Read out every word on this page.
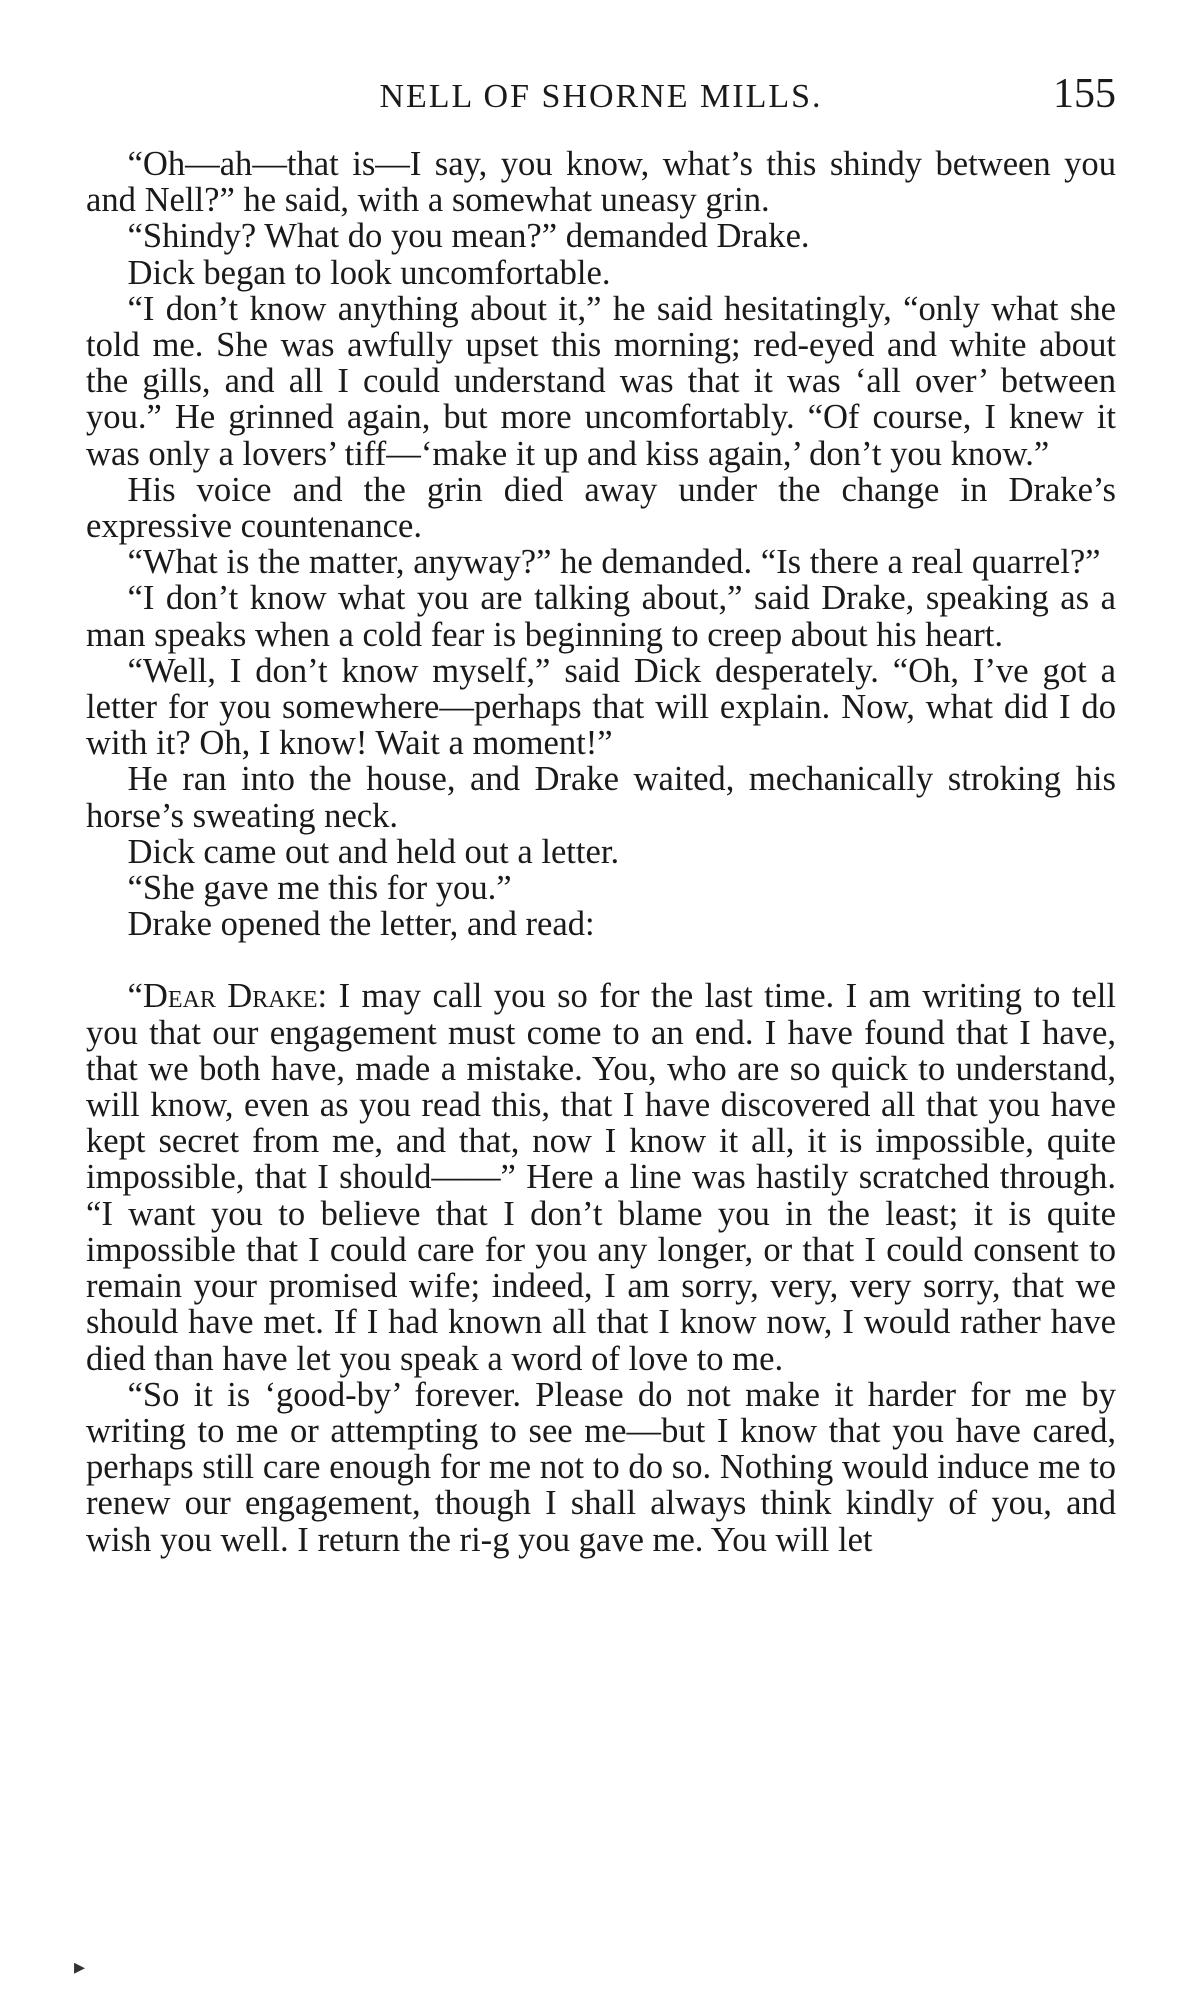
NELL OF SHORNE MILLS.	155

“Oh—ah—that is—I say, you know, what’s this shindy between you and Nell?” he said, with a somewhat uneasy grin.

“Shindy? What do you mean?” demanded Drake.

Dick began to look uncomfortable.

“I don’t know anything about it,” he said hesitatingly, “only what she told me. She was awfully upset this morning; red-eyed and white about the gills, and all I could understand was that it was ‘all over’ between you.” He grinned again, but more uncomfortably. “Of course, I knew it was only a lovers’ tiff—‘make it up and kiss again,’ don’t you know.”

His voice and the grin died away under the change in Drake’s expressive countenance.

“What is the matter, anyway?” he demanded. “Is there a real quarrel?”

“I don’t know what you are talking about,” said Drake, speaking as a man speaks when a cold fear is beginning to creep about his heart.

“Well, I don’t know myself,” said Dick desperately. “Oh, I’ve got a letter for you somewhere—perhaps that will explain. Now, what did I do with it? Oh, I know! Wait a moment!”

He ran into the house, and Drake waited, mechanically stroking his horse’s sweating neck.

Dick came out and held out a letter.

“She gave me this for you.”

Drake opened the letter, and read:

“Dear Drake: I may call you so for the last time. I am writing to tell you that our engagement must come to an end. I have found that I have, that we both have, made a mistake. You, who are so quick to understand, will know, even as you read this, that I have discovered all that you have kept secret from me, and that, now I know it all, it is impossible, quite impossible, that I should——” Here a line was hastily scratched through. “I want you to believe that I don’t blame you in the least; it is quite impossible that I could care for you any longer, or that I could consent to remain your promised wife; indeed, I am sorry, very, very sorry, that we should have met. If I had known all that I know now, I would rather have died than have let you speak a word of love to me.

“So it is ‘good-by’ forever. Please do not make it harder for me by writing to me or attempting to see me—but I know that you have cared, perhaps still care enough for me not to do so. Nothing would induce me to renew our engagement, though I shall always think kindly of you, and wish you well. I return the ri-g you gave me. You will let

▸
